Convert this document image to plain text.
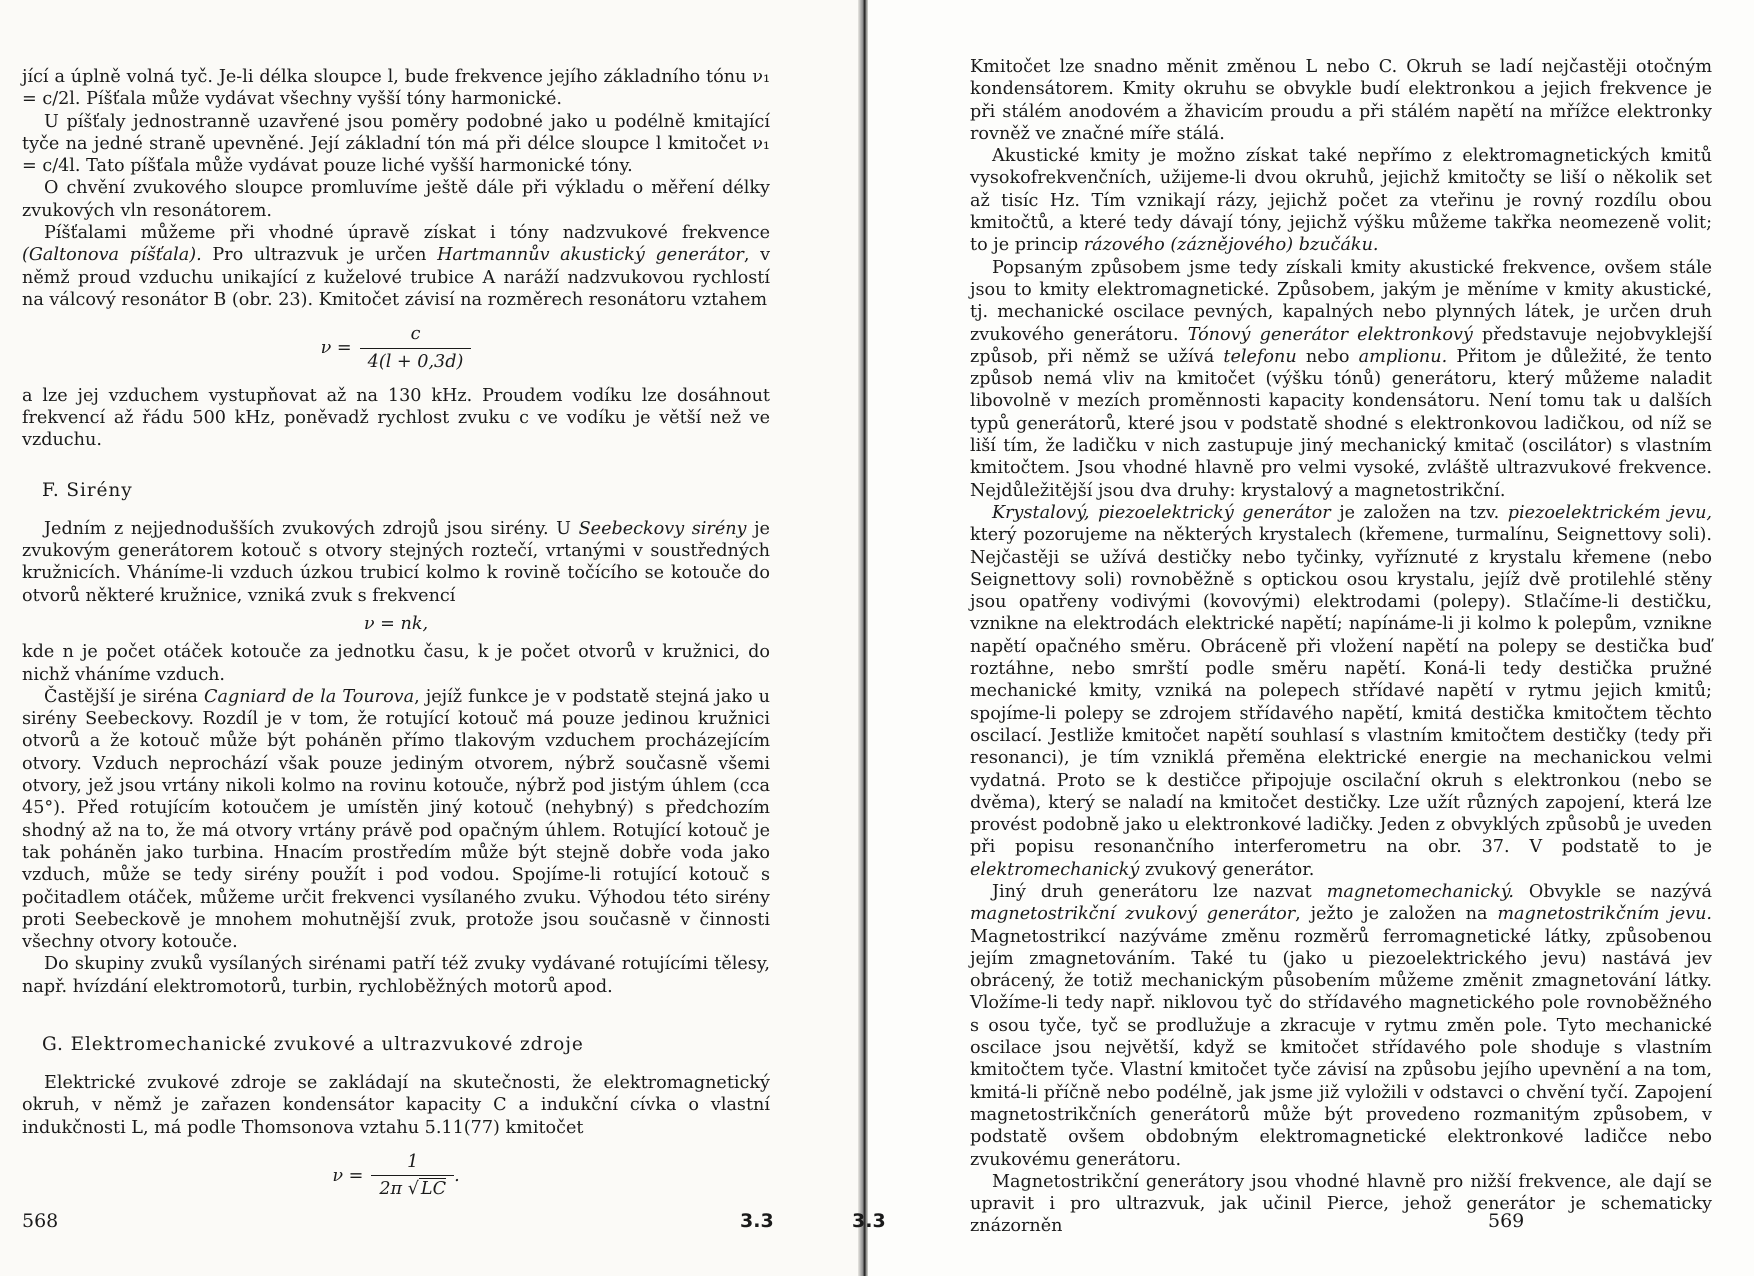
jící a úplně volná tyč. Je-li délka sloupce l, bude frekvence jejího základního tónu ν₁ = c/2l. Píšťala může vydávat všechny vyšší tóny harmonické.

U píšťaly jednostranně uzavřené jsou poměry podobné jako u podélně kmitající tyče na jedné straně upevněné. Její základní tón má při délce sloupce l kmitočet ν₁ = c/4l. Tato píšťala může vydávat pouze liché vyšší harmonické tóny.

O chvění zvukového sloupce promluvíme ještě dále při výkladu o měření délky zvukových vln resonátorem.

Píšťalami můžeme při vhodné úpravě získat i tóny nadzvukové frekvence (Galtonova píšťala). Pro ultrazvuk je určen Hartmannův akustický generátor, v němž proud vzduchu unikající z kuželové trubice A naráží nadzvukovou rychlostí na válcový resonátor B (obr. 23). Kmitočet závisí na rozměrech resonátoru vztahem

$\nu = \frac{c}{4(l + 0,3d)}$

a lze jej vzduchem vystupňovat až na 130 kHz. Proudem vodíku lze dosáhnout frekvencí až řádu 500 kHz, poněvadž rychlost zvuku c ve vodíku je větší než ve vzduchu.

F. Sirény

Jedním z nejjednodušších zvukových zdrojů jsou sirény. U Seebeckovy sirény je zvukovým generátorem kotouč s otvory stejných roztečí, vrtanými v soustředných kružnicích. Vháníme-li vzduch úzkou trubicí kolmo k rovině točícího se kotouče do otvorů některé kružnice, vzniká zvuk s frekvencí

ν = nk,

kde n je počet otáček kotouče za jednotku času, k je počet otvorů v kružnici, do nichž vháníme vzduch.

Častější je siréna Cagniard de la Tourova, jejíž funkce je v podstatě stejná jako u sirény Seebeckovy. Rozdíl je v tom, že rotující kotouč má pouze jedinou kružnici otvorů a že kotouč může být poháněn přímo tlakovým vzduchem procházejícím otvory. Vzduch neprochází však pouze jediným otvorem, nýbrž současně všemi otvory, jež jsou vrtány nikoli kolmo na rovinu kotouče, nýbrž pod jistým úhlem (cca 45°). Před rotujícím kotoučem je umístěn jiný kotouč (nehybný) s předchozím shodný až na to, že má otvory vrtány právě pod opačným úhlem. Rotující kotouč je tak poháněn jako turbina. Hnacím prostředím může být stejně dobře voda jako vzduch, může se tedy sirény použít i pod vodou. Spojíme-li rotující kotouč s počitadlem otáček, můžeme určit frekvenci vysílaného zvuku. Výhodou této sirény proti Seebeckově je mnohem mohutnější zvuk, protože jsou současně v činnosti všechny otvory kotouče.

Do skupiny zvuků vysílaných sirénami patří též zvuky vydávané rotujícími tělesy, např. hvízdání elektromotorů, turbin, rychloběžných motorů apod.

G. Elektromechanické zvukové a ultrazvukové zdroje

Elektrické zvukové zdroje se zakládají na skutečnosti, že elektromagnetický okruh, v němž je zařazen kondensátor kapacity C a indukční cívka o vlastní indukčnosti L, má podle Thomsonova vztahu 5.11(77) kmitočet

$\nu = \frac{1}{2\pi √ LC}$ .
568	3.3

Kmitočet lze snadno měnit změnou L nebo C. Okruh se ladí nejčastěji otočným kondensátorem. Kmity okruhu se obvykle budí elektronkou a jejich frekvence je při stálém anodovém a žhavicím proudu a při stálém napětí na mřížce elektronky rovněž ve značné míře stálá.

Akustické kmity je možno získat také nepřímo z elektromagnetických kmitů vysokofrekvenčních, užijeme-li dvou okruhů, jejichž kmitočty se liší o několik set až tisíc Hz. Tím vznikají rázy, jejichž počet za vteřinu je rovný rozdílu obou kmitočtů, a které tedy dávají tóny, jejichž výšku můžeme takřka neomezeně volit; to je princip rázového (zázněјového) bzučáku.

Popsaným způsobem jsme tedy získali kmity akustické frekvence, ovšem stále jsou to kmity elektromagnetické. Způsobem, jakým je měníme v kmity akustické, tj. mechanické oscilace pevných, kapalných nebo plynných látek, je určen druh zvukového generátoru. Tónový generátor elektronkový představuje nejobvyklejší způsob, při němž se užívá telefonu nebo amplionu. Přitom je důležité, že tento způsob nemá vliv na kmitočet (výšku tónů) generátoru, který můžeme naladit libovolně v mezích proměnnosti kapacity kondensátoru. Není tomu tak u dalších typů generátorů, které jsou v podstatě shodné s elektronkovou ladičkou, od níž se liší tím, že ladičku v nich zastupuje jiný mechanický kmitač (oscilátor) s vlastním kmitočtem. Jsou vhodné hlavně pro velmi vysoké, zvláště ultrazvukové frekvence. Nejdůležitější jsou dva druhy: krystalový a magnetostrikční.

Krystalový, piezoelektrický generátor je založen na tzv. piezoelektrickém jevu, který pozorujeme na některých krystalech (křemene, turmalínu, Seignettovy soli). Nejčastěji se užívá destičky nebo tyčinky, vyříznuté z krystalu křemene (nebo Seignettovy soli) rovnoběžně s optickou osou krystalu, jejíž dvě protilehlé stěny jsou opatřeny vodivými (kovovými) elektrodami (polepy). Stlačíme-li destičku, vznikne na elektrodách elektrické napětí; napínáme-li ji kolmo k polepům, vznikne napětí opačného směru. Obráceně při vložení napětí na polepy se destička buď roztáhne, nebo smrští podle směru napětí. Koná-li tedy destička pružné mechanické kmity, vzniká na polepech střídavé napětí v rytmu jejich kmitů; spojíme-li polepy se zdrojem střídavého napětí, kmitá destička kmitočtem těchto oscilací. Jestliže kmitočet napětí souhlasí s vlastním kmitočtem destičky (tedy při resonanci), je tím vzniklá přeměna elektrické energie na mechanickou velmi vydatná. Proto se k destičce připojuje oscilační okruh s elektronkou (nebo se dvěma), který se naladí na kmitočet destičky. Lze užít různých zapojení, která lze provést podobně jako u elektronkové ladičky. Jeden z obvyklých způsobů je uveden při popisu resonančního interferometru na obr. 37. V podstatě to je elektromechanický zvukový generátor.

Jiný druh generátoru lze nazvat magnetomechanický. Obvykle se nazývá magnetostrikční zvukový generátor, ježto je založen na magnetostrikčním jevu. Magnetostrikcí nazýváme změnu rozměrů ferromagnetické látky, způsobenou jejím zmagnetováním. Také tu (jako u piezoelektrického jevu) nastává jev obrácený, že totiž mechanickým působením můžeme změnit zmagnetování látky. Vložíme-li tedy např. niklovou tyč do střídavého magnetického pole rovnoběžného s osou tyče, tyč se prodlužuje a zkracuje v rytmu změn pole. Tyto mechanické oscilace jsou největší, když se kmitočet střídavého pole shoduje s vlastním kmitočtem tyče. Vlastní kmitočet tyče závisí na způsobu jejího upevnění a na tom, kmitá-li příčně nebo podélně, jak jsme již vyložili v odstavci o chvění tyčí. Zapojení magnetostrikčních generátorů může být provedeno rozmanitým způsobem, v podstatě ovšem obdobným elektromagnetické elektronkové ladičce nebo zvukovému generátoru.

Magnetostrikční generátory jsou vhodné hlavně pro nižší frekvence, ale dají se upravit i pro ultrazvuk, jak učinil Pierce, jehož generátor je schematicky znázorněn

3.3	569
